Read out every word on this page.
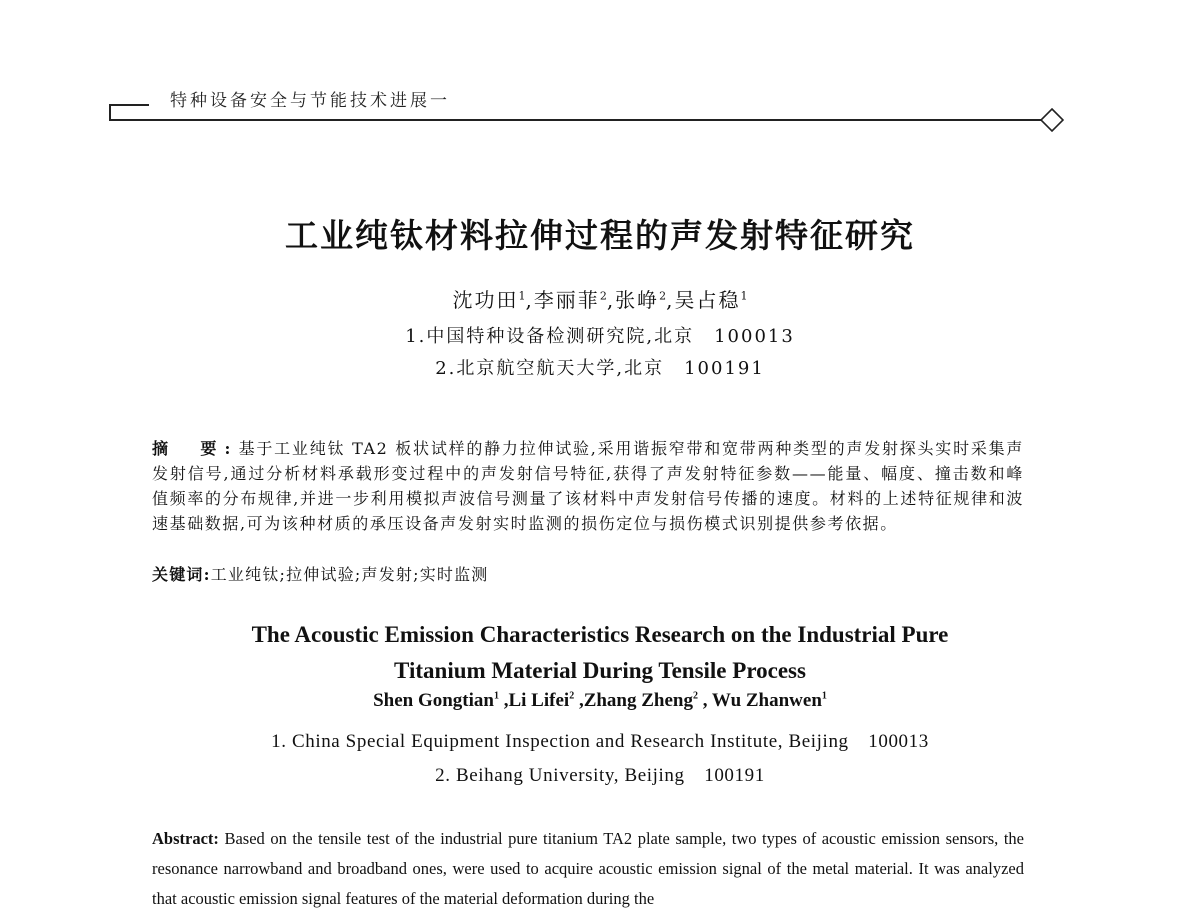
特种设备安全与节能技术进展一
工业纯钛材料拉伸过程的声发射特征研究
沈功田$^1$,李丽菲$^2$,张峥$^2$,吴占稳$^1$
1.中国特种设备检测研究院,北京　100013
2.北京航空航天大学,北京　100191
摘　要:基于工业纯钛 TA2 板状试样的静力拉伸试验,采用谐振窄带和宽带两种类型的声发射探头实时采集声发射信号,通过分析材料承载形变过程中的声发射信号特征,获得了声发射特征参数——能量、幅度、撞击数和峰值频率的分布规律,并进一步利用模拟声波信号测量了该材料中声发射信号传播的速度。材料的上述特征规律和波速基础数据,可为该种材质的承压设备声发射实时监测的损伤定位与损伤模式识别提供参考依据。
关键词:工业纯钛;拉伸试验;声发射;实时监测
The Acoustic Emission Characteristics Research on the Industrial Pure
Titanium Material During Tensile Process
Shen Gongtian$^1$ ,Li Lifei$^2$ ,Zhang Zheng$^2$ , Wu Zhanwen$^1$
1. China Special Equipment Inspection and Research Institute, Beijing　100013
2. Beihang University, Beijing　100191
Abstract: Based on the tensile test of the industrial pure titanium TA2 plate sample, two types of acoustic emission sensors, the resonance narrowband and broadband ones, were used to acquire acoustic emission signal of the metal material. It was analyzed that acoustic emission signal features of the material deformation during the
